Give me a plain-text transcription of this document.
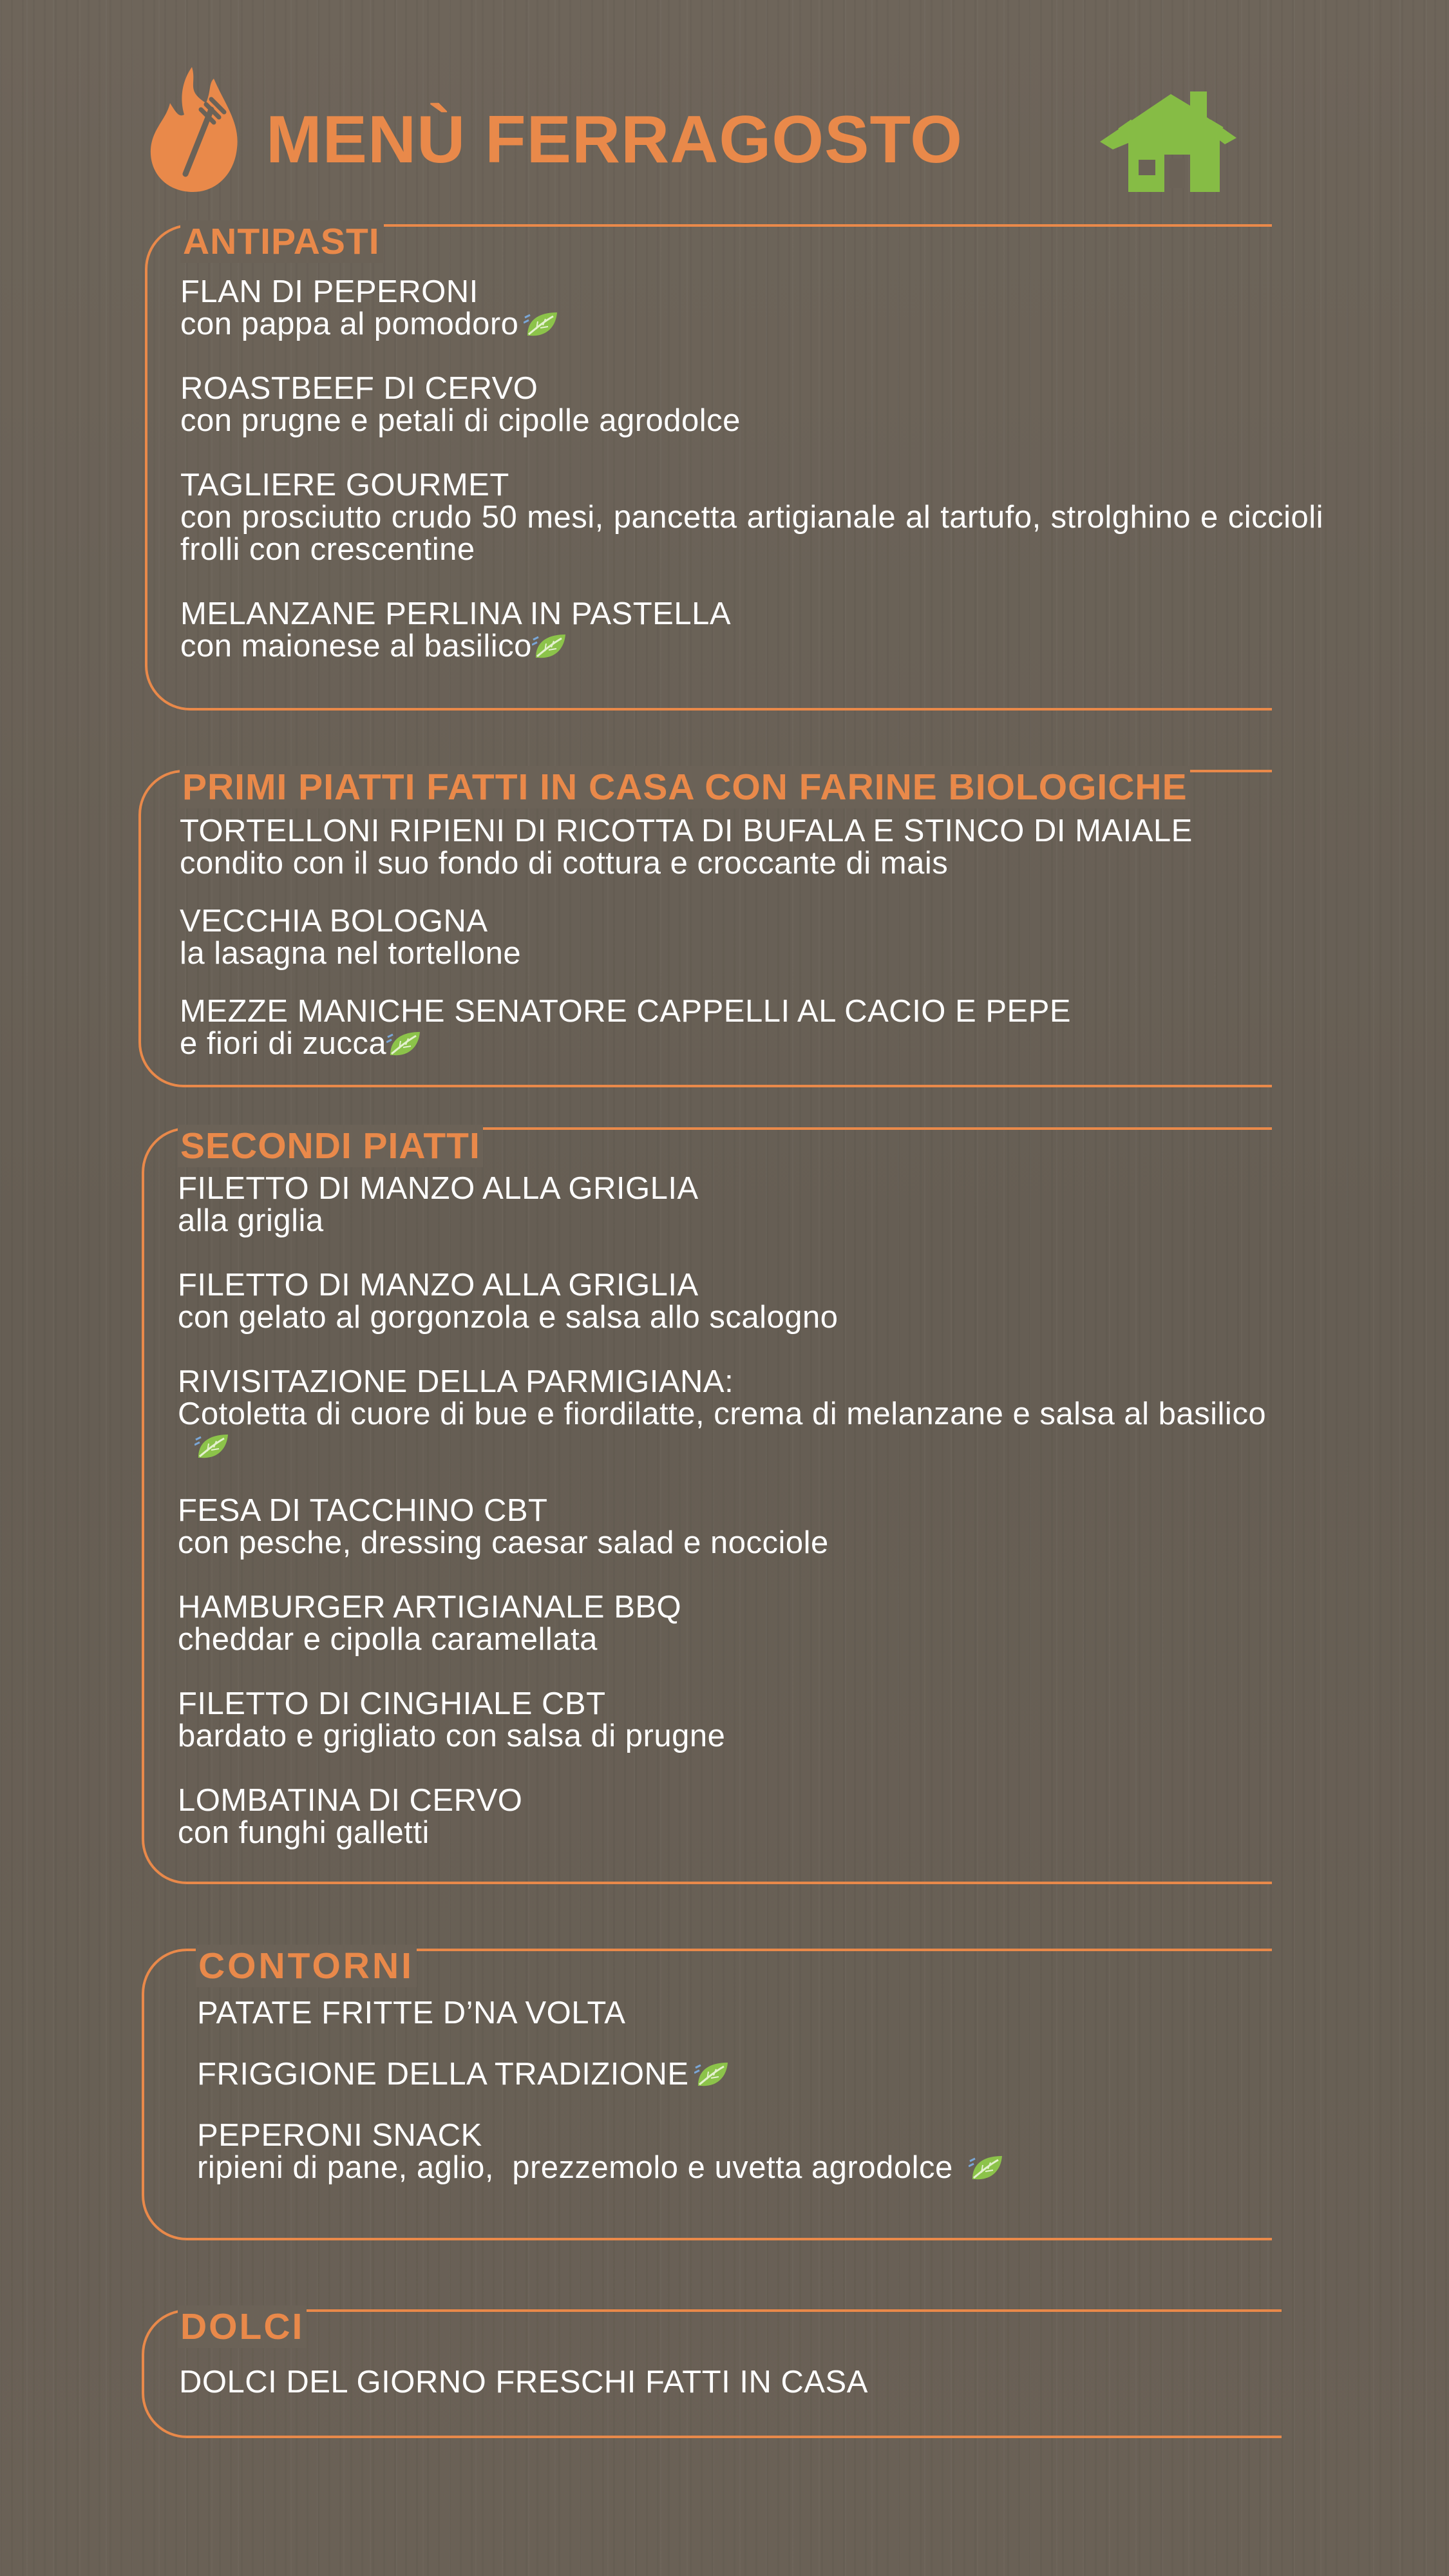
MENÙ FERRAGOSTO
ANTIPASTI
FLAN DI PEPERONI
con pappa al pomodoro
ROASTBEEF DI CERVO
con prugne e petali di cipolle agrodolce
TAGLIERE GOURMET
con prosciutto crudo 50 mesi, pancetta artigianale al tartufo, strolghino e ciccioli frolli con crescentine
MELANZANE PERLINA IN PASTELLA
con maionese al basilico
PRIMI PIATTI FATTI IN CASA CON FARINE BIOLOGICHE
TORTELLONI RIPIENI DI RICOTTA DI BUFALA E STINCO DI MAIALE
condito con il suo fondo di cottura e croccante di mais
VECCHIA BOLOGNA
la lasagna nel tortellone
MEZZE MANICHE SENATORE CAPPELLI AL CACIO E PEPE
e fiori di zucca
SECONDI PIATTI
FILETTO DI MANZO ALLA GRIGLIA
alla griglia
FILETTO DI MANZO ALLA GRIGLIA
con gelato al gorgonzola e salsa allo scalogno
RIVISITAZIONE DELLA PARMIGIANA:
Cotoletta di cuore di bue e fiordilatte, crema di melanzane e salsa al basilico
FESA DI TACCHINO CBT
con pesche, dressing caesar salad e nocciole
HAMBURGER ARTIGIANALE BBQ
cheddar e cipolla caramellata
FILETTO DI CINGHIALE CBT
bardato e grigliato con salsa di prugne
LOMBATINA DI CERVO
con funghi galletti
CONTORNI
PATATE FRITTE D’NA VOLTA
FRIGGIONE DELLA TRADIZIONE
PEPERONI SNACK
ripieni di pane, aglio,  prezzemolo e uvetta agrodolce
DOLCI
DOLCI DEL GIORNO FRESCHI FATTI IN CASA
